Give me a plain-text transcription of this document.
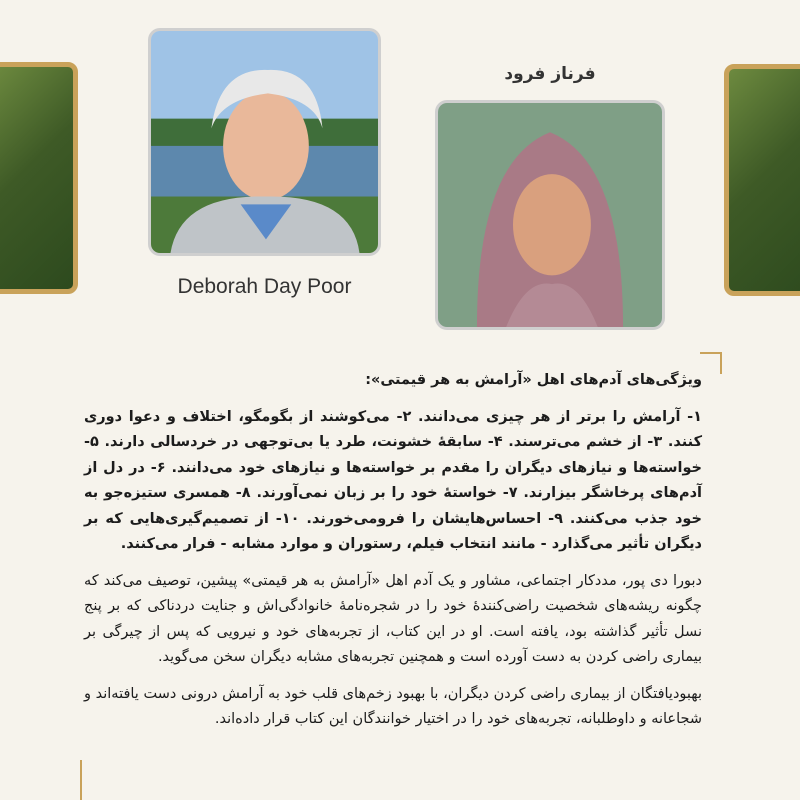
Deborah Day Poor
فرناز فرود

ویژگی‌های آدم‌های اهل «آرامش به هر قیمتی»:

۱- آرامش را برتر از هر چیزی می‌دانند. ۲- می‌کوشند از بگومگو، اختلاف و دعوا دوری کنند. ۳- از خشم می‌ترسند. ۴- سابقهٔ خشونت، طرد یا بی‌توجهی در خردسالی دارند. ۵- خواسته‌ها و نیازهای دیگران را مقدم بر خواسته‌ها و نیازهای خود می‌دانند. ۶- در دل از آدم‌های پرخاشگر بیزارند. ۷- خواستهٔ خود را بر زبان نمی‌آورند. ۸- همسری ستیزه‌جو به خود جذب می‌کنند. ۹- احساس‌هایشان را فرومی‌خورند. ۱۰- از تصمیم‌گیری‌هایی که بر دیگران تأثیر می‌گذارد - مانند انتخاب فیلم، رستوران و موارد مشابه - فرار می‌کنند.

دبورا دی پور، مددکار اجتماعی، مشاور و یک آدم اهل «آرامش به هر قیمتی» پیشین، توصیف می‌کند که چگونه ریشه‌های شخصیت راضی‌کنندهٔ خود را در شجره‌نامهٔ خانوادگی‌اش و جنایت دردناکی که بر پنج نسل تأثیر گذاشته بود، یافته است. او در این کتاب، از تجربه‌های خود و نیرویی که پس از چیرگی بر بیماری راضی کردن به دست آورده است و همچنین تجربه‌های مشابه دیگران سخن می‌گوید.

بهبودیافتگان از بیماری راضی کردن دیگران، با بهبود زخم‌های قلب خود به آرامش درونی دست یافته‌اند و شجاعانه و داوطلبانه، تجربه‌های خود را در اختیار خوانندگان این کتاب قرار داده‌اند.
